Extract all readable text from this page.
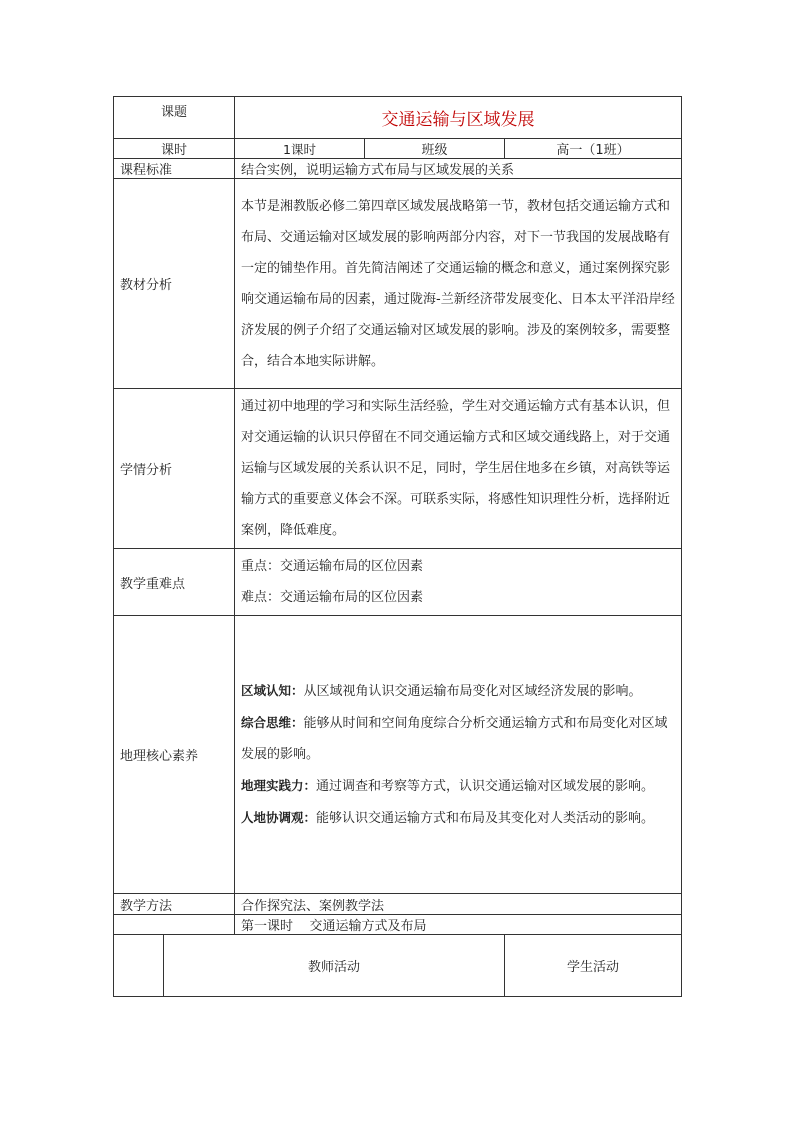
课题		交通运输与区域发展		
课时		1课时	班级	高一（1班）
课程标准		结合实例，说明运输方式布局与区域发展的关系		
教材分析		本节是湘教版必修二第四章区域发展战略第一节，教材包括交通运输方式和布局、交通运输对区域发展的影响两部分内容，对下一节我国的发展战略有一定的铺垫作用。首先简洁阐述了交通运输的概念和意义，通过案例探究影响交通运输布局的因素，通过陇海-兰新经济带发展变化、日本太平洋沿岸经济发展的例子介绍了交通运输对区域发展的影响。涉及的案例较多，需要整合，结合本地实际讲解。		
学情分析		通过初中地理的学习和实际生活经验，学生对交通运输方式有基本认识，但对交通运输的认识只停留在不同交通运输方式和区域交通线路上，对于交通运输与区域发展的关系认识不足，同时，学生居住地多在乡镇，对高铁等运输方式的重要意义体会不深。可联系实际，将感性知识理性分析，选择附近案例，降低难度。		
教学重难点		重点：交通运输布局的区位因素
难点：交通运输布局的区位因素		

地理核心素养		区域认知：从区域视角认识交通运输布局变化对区域经济发展的影响。
综合思维：能够从时间和空间角度综合分析交通运输方式和布局变化对区域发展的影响。
地理实践力：通过调查和考察等方式，认识交通运输对区域发展的影响。
人地协调观：能够认识交通运输方式和布局及其变化对人类活动的影响。		

教学方法		合作探究法、案例教学法		
		第一课时    交通运输方式及布局		
	教师活动			学生活动
